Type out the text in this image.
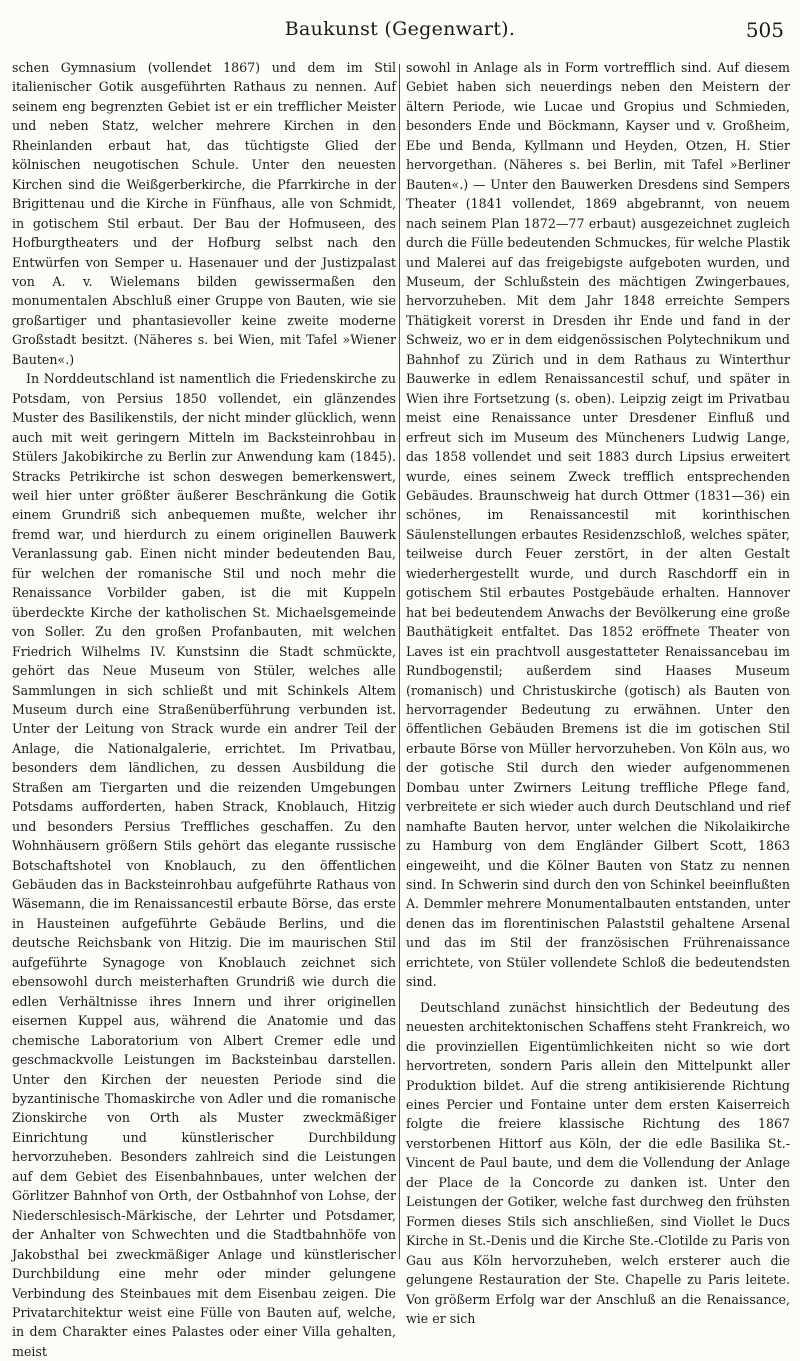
Baukunst (Gegenwart).	505

schen Gymnasium (vollendet 1867) und dem im Stil italienischer Gotik ausgeführten Rathaus zu nennen. Auf seinem eng begrenzten Gebiet ist er ein trefflicher Meister und neben Statz, welcher mehrere Kirchen in den Rheinlanden erbaut hat, das tüchtigste Glied der kölnischen neugotischen Schule. Unter den neuesten Kirchen sind die Weißgerberkirche, die Pfarrkirche in der Brigittenau und die Kirche in Fünfhaus, alle von Schmidt, in gotischem Stil erbaut. Der Bau der Hofmuseen, des Hofburgtheaters und der Hofburg selbst nach den Entwürfen von Semper u. Hasenauer und der Justizpalast von A. v. Wielemans bilden gewissermaßen den monumentalen Abschluß einer Gruppe von Bauten, wie sie großartiger und phantasievoller keine zweite moderne Großstadt besitzt. (Näheres s. bei Wien, mit Tafel »Wiener Bauten«.)

In Norddeutschland ist namentlich die Friedenskirche zu Potsdam, von Persius 1850 vollendet, ein glänzendes Muster des Basilikenstils, der nicht minder glücklich, wenn auch mit weit geringern Mitteln im Backsteinrohbau in Stülers Jakobikirche zu Berlin zur Anwendung kam (1845). Stracks Petrikirche ist schon deswegen bemerkenswert, weil hier unter größter äußerer Beschränkung die Gotik einem Grundriß sich anbequemen mußte, welcher ihr fremd war, und hierdurch zu einem originellen Bauwerk Veranlassung gab. Einen nicht minder bedeutenden Bau, für welchen der romanische Stil und noch mehr die Renaissance Vorbilder gaben, ist die mit Kuppeln überdeckte Kirche der katholischen St. Michaelsgemeinde von Soller. Zu den großen Profanbauten, mit welchen Friedrich Wilhelms IV. Kunstsinn die Stadt schmückte, gehört das Neue Museum von Stüler, welches alle Sammlungen in sich schließt und mit Schinkels Altem Museum durch eine Straßenüberführung verbunden ist. Unter der Leitung von Strack wurde ein andrer Teil der Anlage, die Nationalgalerie, errichtet. Im Privatbau, besonders dem ländlichen, zu dessen Ausbildung die Straßen am Tiergarten und die reizenden Umgebungen Potsdams aufforderten, haben Strack, Knoblauch, Hitzig und besonders Persius Treffliches geschaffen. Zu den Wohnhäusern größern Stils gehört das elegante russische Botschaftshotel von Knoblauch, zu den öffentlichen Gebäuden das in Backsteinrohbau aufgeführte Rathaus von Wäsemann, die im Renaissancestil erbaute Börse, das erste in Hausteinen aufgeführte Gebäude Berlins, und die deutsche Reichsbank von Hitzig. Die im maurischen Stil aufgeführte Synagoge von Knoblauch zeichnet sich ebensowohl durch meisterhaften Grundriß wie durch die edlen Verhältnisse ihres Innern und ihrer originellen eisernen Kuppel aus, während die Anatomie und das chemische Laboratorium von Albert Cremer edle und geschmackvolle Leistungen im Backsteinbau darstellen. Unter den Kirchen der neuesten Periode sind die byzantinische Thomaskirche von Adler und die romanische Zionskirche von Orth als Muster zweckmäßiger Einrichtung und künstlerischer Durchbildung hervorzuheben. Besonders zahlreich sind die Leistungen auf dem Gebiet des Eisenbahnbaues, unter welchen der Görlitzer Bahnhof von Orth, der Ostbahnhof von Lohse, der Niederschlesisch-Märkische, der Lehrter und Potsdamer, der Anhalter von Schwechten und die Stadtbahnhöfe von Jakobsthal bei zweckmäßiger Anlage und künstlerischer Durchbildung eine mehr oder minder gelungene Verbindung des Steinbaues mit dem Eisenbau zeigen. Die Privatarchitektur weist eine Fülle von Bauten auf, welche, in dem Charakter eines Palastes oder einer Villa gehalten, meist

sowohl in Anlage als in Form vortrefflich sind. Auf diesem Gebiet haben sich neuerdings neben den Meistern der ältern Periode, wie Lucae und Gropius und Schmieden, besonders Ende und Böckmann, Kayser und v. Großheim, Ebe und Benda, Kyllmann und Heyden, Otzen, H. Stier hervorgethan. (Näheres s. bei Berlin, mit Tafel »Berliner Bauten«.) — Unter den Bauwerken Dresdens sind Sempers Theater (1841 vollendet, 1869 abgebrannt, von neuem nach seinem Plan 1872—77 erbaut) ausgezeichnet zugleich durch die Fülle bedeutenden Schmuckes, für welche Plastik und Malerei auf das freigebigste aufgeboten wurden, und Museum, der Schlußstein des mächtigen Zwingerbaues, hervorzuheben. Mit dem Jahr 1848 erreichte Sempers Thätigkeit vorerst in Dresden ihr Ende und fand in der Schweiz, wo er in dem eidgenössischen Polytechnikum und Bahnhof zu Zürich und in dem Rathaus zu Winterthur Bauwerke in edlem Renaissancestil schuf, und später in Wien ihre Fortsetzung (s. oben). Leipzig zeigt im Privatbau meist eine Renaissance unter Dresdener Einfluß und erfreut sich im Museum des Müncheners Ludwig Lange, das 1858 vollendet und seit 1883 durch Lipsius erweitert wurde, eines seinem Zweck trefflich entsprechenden Gebäudes. Braunschweig hat durch Ottmer (1831—36) ein schönes, im Renaissancestil mit korinthischen Säulenstellungen erbautes Residenzschloß, welches später, teilweise durch Feuer zerstört, in der alten Gestalt wiederhergestellt wurde, und durch Raschdorff ein in gotischem Stil erbautes Postgebäude erhalten. Hannover hat bei bedeutendem Anwachs der Bevölkerung eine große Bauthätigkeit entfaltet. Das 1852 eröffnete Theater von Laves ist ein prachtvoll ausgestatteter Renaissancebau im Rundbogenstil; außerdem sind Haases Museum (romanisch) und Christuskirche (gotisch) als Bauten von hervorragender Bedeutung zu erwähnen. Unter den öffentlichen Gebäuden Bremens ist die im gotischen Stil erbaute Börse von Müller hervorzuheben. Von Köln aus, wo der gotische Stil durch den wieder aufgenommenen Dombau unter Zwirners Leitung treffliche Pflege fand, verbreitete er sich wieder auch durch Deutschland und rief namhafte Bauten hervor, unter welchen die Nikolaikirche zu Hamburg von dem Engländer Gilbert Scott, 1863 eingeweiht, und die Kölner Bauten von Statz zu nennen sind. In Schwerin sind durch den von Schinkel beeinflußten A. Demmler mehrere Monumentalbauten entstanden, unter denen das im florentinischen Palaststil gehaltene Arsenal und das im Stil der französischen Frührenaissance errichtete, von Stüler vollendete Schloß die bedeutendsten sind.

Deutschland zunächst hinsichtlich der Bedeutung des neuesten architektonischen Schaffens steht Frankreich, wo die provinziellen Eigentümlichkeiten nicht so wie dort hervortreten, sondern Paris allein den Mittelpunkt aller Produktion bildet. Auf die streng antikisierende Richtung eines Percier und Fontaine unter dem ersten Kaiserreich folgte die freiere klassische Richtung des 1867 verstorbenen Hittorf aus Köln, der die edle Basilika St.-Vincent de Paul baute, und dem die Vollendung der Anlage der Place de la Concorde zu danken ist. Unter den Leistungen der Gotiker, welche fast durchweg den frühsten Formen dieses Stils sich anschließen, sind Viollet le Ducs Kirche in St.-Denis und die Kirche Ste.-Clotilde zu Paris von Gau aus Köln hervorzuheben, welch ersterer auch die gelungene Restauration der Ste. Chapelle zu Paris leitete. Von größerm Erfolg war der Anschluß an die Renaissance, wie er sich
